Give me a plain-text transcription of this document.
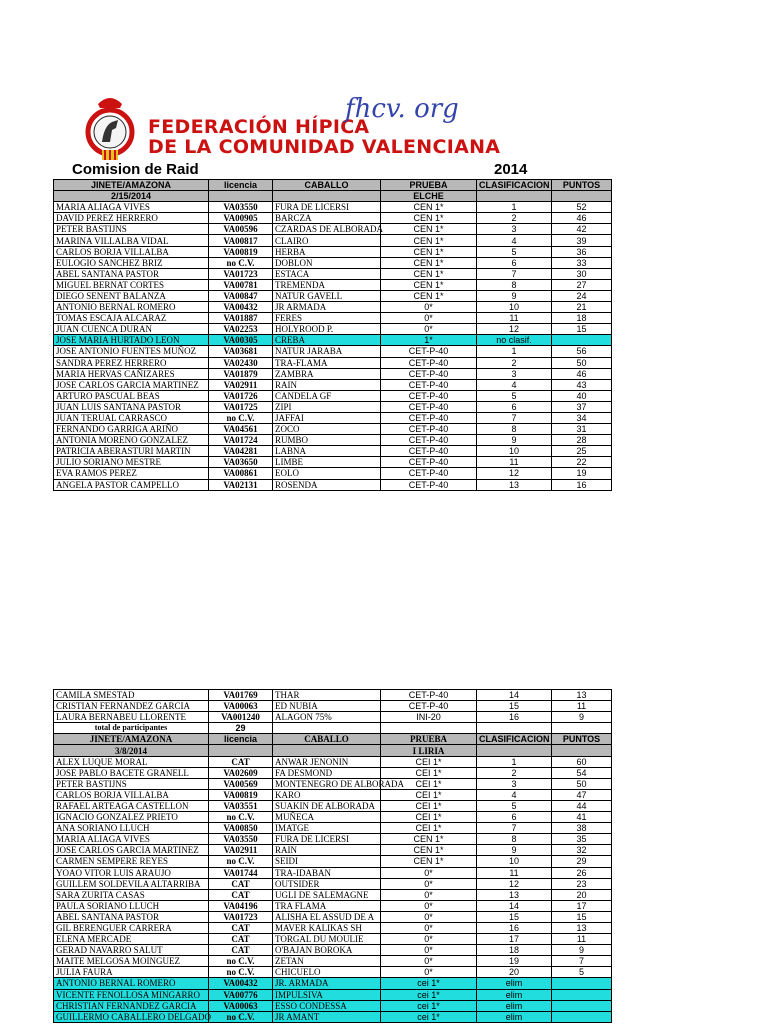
FEDERACIÓN HÍPICA
DE LA COMUNIDAD VALENCIANA
fhcv. org
Comision de Raid	2014
JINETE/AMAZONA	licencia	CABALLO	PRUEBA	CLASIFICACION	PUNTOS
2/15/2014			ELCHE		
MARIA ALIAGA VIVES	VA03550	FURA DE LICERSI	CEN 1*	1	52
DAVID PEREZ HERRERO	VA00905	BARCZA	CEN 1*	2	46
PETER BASTIJNS	VA00596	CZARDAS DE ALBORADA	CEN 1*	3	42
MARINA VILLALBA VIDAL	VA00817	CLAIRO	CEN 1*	4	39
CARLOS BORJA VILLALBA	VA00819	HERBA	CEN 1*	5	36
EULOGIO SANCHEZ BRIZ	no C.V.	DOBLON	CEN 1*	6	33
ABEL SANTANA PASTOR	VA01723	ESTACA	CEN 1*	7	30
MIGUEL BERNAT CORTES	VA00781	TREMENDA	CEN 1*	8	27
DIEGO SENENT BALANZA	VA00847	NATUR GAVELL	CEN 1*	9	24
ANTONIO BERNAL ROMERO	VA00432	JR ARMADA	0*	10	21
TOMAS ESCAJA ALCARAZ	VA01887	FERES	0*	11	18
JUAN CUENCA DURAN	VA02253	HOLYROOD P.	0*	12	15
JOSE MARIA HURTADO LEON	VA00305	CREBA	1*	no clasif.	
JOSE ANTONIO FUENTES MUÑOZ	VA03681	NATUR JARABA	CET-P-40	1	56
SANDRA PEREZ HERRERO	VA02430	TRA-FLAMA	CET-P-40	2	50
MARIA HERVAS CAÑIZARES	VA01879	ZAMBRA	CET-P-40	3	46
JOSE CARLOS GARCIA MARTINEZ	VA02911	RAIN	CET-P-40	4	43
ARTURO PASCUAL BEAS	VA01726	CANDELA GF	CET-P-40	5	40
JUAN LUIS SANTANA PASTOR	VA01725	ZIPI	CET-P-40	6	37
JUAN TERUAL CARRASCO	no C.V.	JAFFAI	CET-P-40	7	34
FERNANDO GARRIGA ARIÑO	VA04561	ZOCO	CET-P-40	8	31
ANTONIA MORENO GONZALEZ	VA01724	RUMBO	CET-P-40	9	28
PATRICIA ABERASTURI MARTIN	VA04281	LABNA	CET-P-40	10	25
JULIO SORIANO MESTRE	VA03650	LIMBE	CET-P-40	11	22
EVA RAMOS PEREZ	VA00861	EOLO	CET-P-40	12	19
ANGELA PASTOR CAMPELLO	VA02131	ROSENDA	CET-P-40	13	16
CAMILA SMESTAD	VA01769	THAR	CET-P-40	14	13
CRISTIAN FERNANDEZ GARCIA	VA00063	ED NUBIA	CET-P-40	15	11
LAURA BERNABEU LLORENTE	VA001240	ALAGON 75%	INI-20	16	9
total de participantes	29				
JINETE/AMAZONA	licencia	CABALLO	PRUEBA	CLASIFICACION	PUNTOS
3/8/2014			I LIRIA		
ALEX LUQUE MORAL	CAT	ANWAR JENONIN	CEI 1*	1	60
JOSE PABLO BACETE GRANELL	VA02609	FA DESMOND	CEI 1*	2	54
PETER BASTIJNS	VA00569	MONTENEGRO DE ALBORADA	CEI 1*	3	50
CARLOS BORJA VILLALBA	VA00819	KARO	CEI 1*	4	47
RAFAEL ARTEAGA CASTELLON	VA03551	SUAKIN DE ALBORADA	CEI 1*	5	44
IGNACIO GONZALEZ PRIETO	no C.V.	MUÑECA	CEI 1*	6	41
ANA SORIANO LLUCH	VA00850	IMATGE	CEI 1*	7	38
MARIA ALIAGA VIVES	VA03550	FURA DE LICERSI	CEN 1*	8	35
JOSE CARLOS GARCIA MARTINEZ	VA02911	RAIN	CEN 1*	9	32
CARMEN SEMPERE REYES	no C.V.	SEIDI	CEN 1*	10	29
YOAO VITOR LUIS ARAUJO	VA01744	TRA-IDABAN	0*	11	26
GUILLEM SOLDEVILA ALTARRIBA	CAT	OUTSIDER	0*	12	23
SARA ZURITA CASAS	CAT	UGLI DE SALEMAGNE	0*	13	20
PAULA SORIANO LLUCH	VA04196	TRA FLAMA	0*	14	17
ABEL SANTANA PASTOR	VA01723	ALISHA EL ASSUD DE A	0*	15	15
GIL BERENGUER CARRERA	CAT	MAVER KALIKAS SH	0*	16	13
ELENA MERCADE	CAT	TORGAL DU MOULIE	0*	17	11
GERAD NAVARRO SALUT	CAT	O'BAJAN BOROKA	0*	18	9
MAITE MELGOSA MOINGUEZ	no C.V.	ZETAN	0*	19	7
JULIA FAURA	no C.V.	CHICUELO	0*	20	5
ANTONIO BERNAL ROMERO	VA00432	JR. ARMADA	cei 1*	elim	
VICENTE FENOLLOSA MINGARRO	VA00776	IMPULSIVA	cei 1*	elim	
CHRISTIAN FERNANDEZ GARCIA	VA00063	ESSO CONDESSA	cei 1*	elim	
GUILLERMO CABALLERO DELGADO	no C.V.	JR AMANT	cei 1*	elim	
